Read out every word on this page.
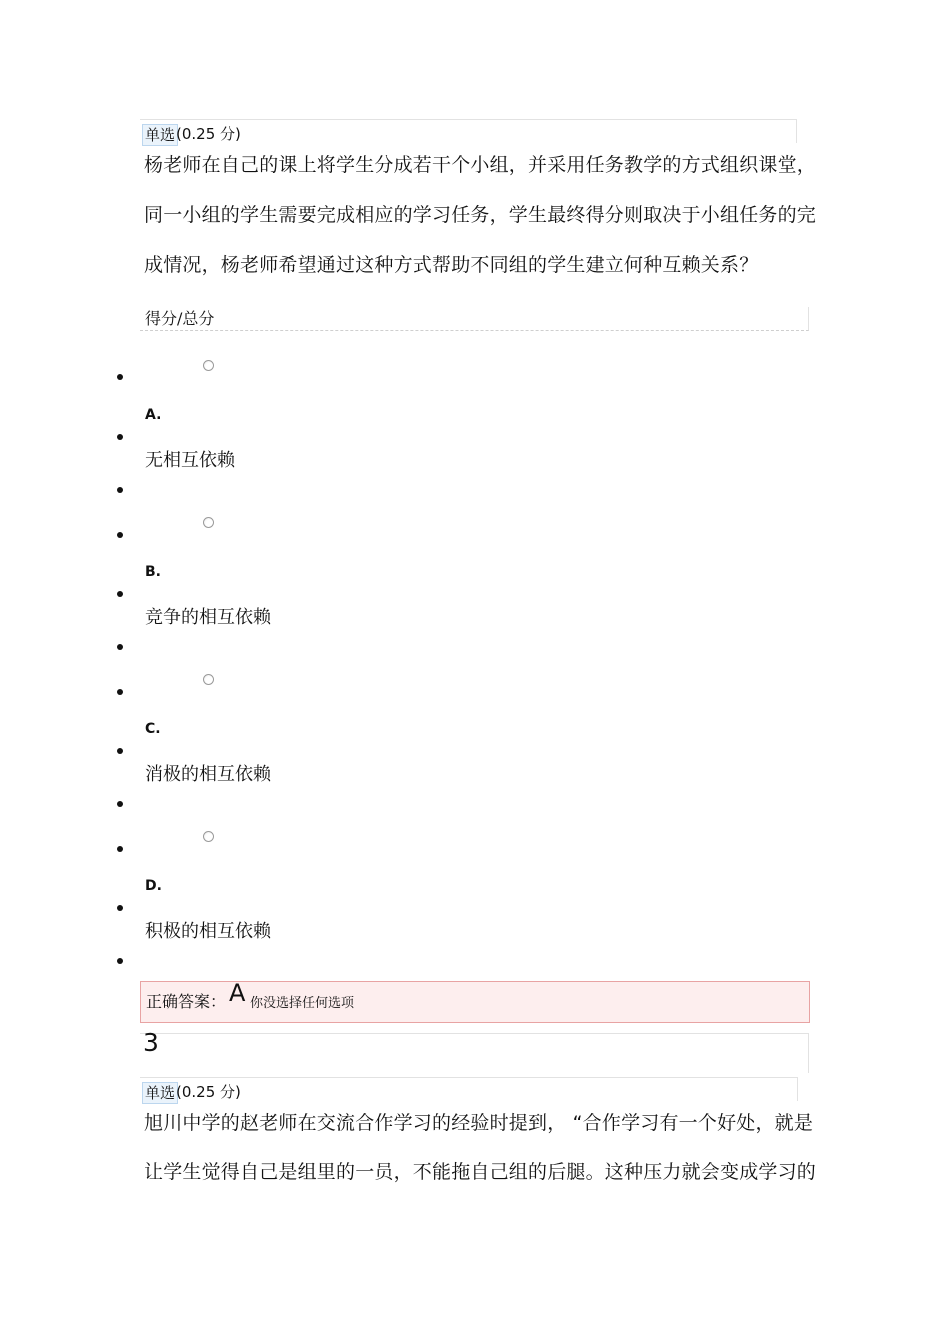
单选 (0.25 分)
杨老师在自己的课上将学生分成若干个小组，并采用任务教学的方式组织课堂，
同一小组的学生需要完成相应的学习任务，学生最终得分则取决于小组任务的完
成情况，杨老师希望通过这种方式帮助不同组的学生建立何种互赖关系？
得分/总分
A.
无相互依赖
B.
竞争的相互依赖
C.
消极的相互依赖
D.
积极的相互依赖
正确答案： A 你没选择任何选项
3
单选 (0.25 分)
旭川中学的赵老师在交流合作学习的经验时提到， “合作学习有一个好处，就是
让学生觉得自己是组里的一员，不能拖自己组的后腿。这种压力就会变成学习的
